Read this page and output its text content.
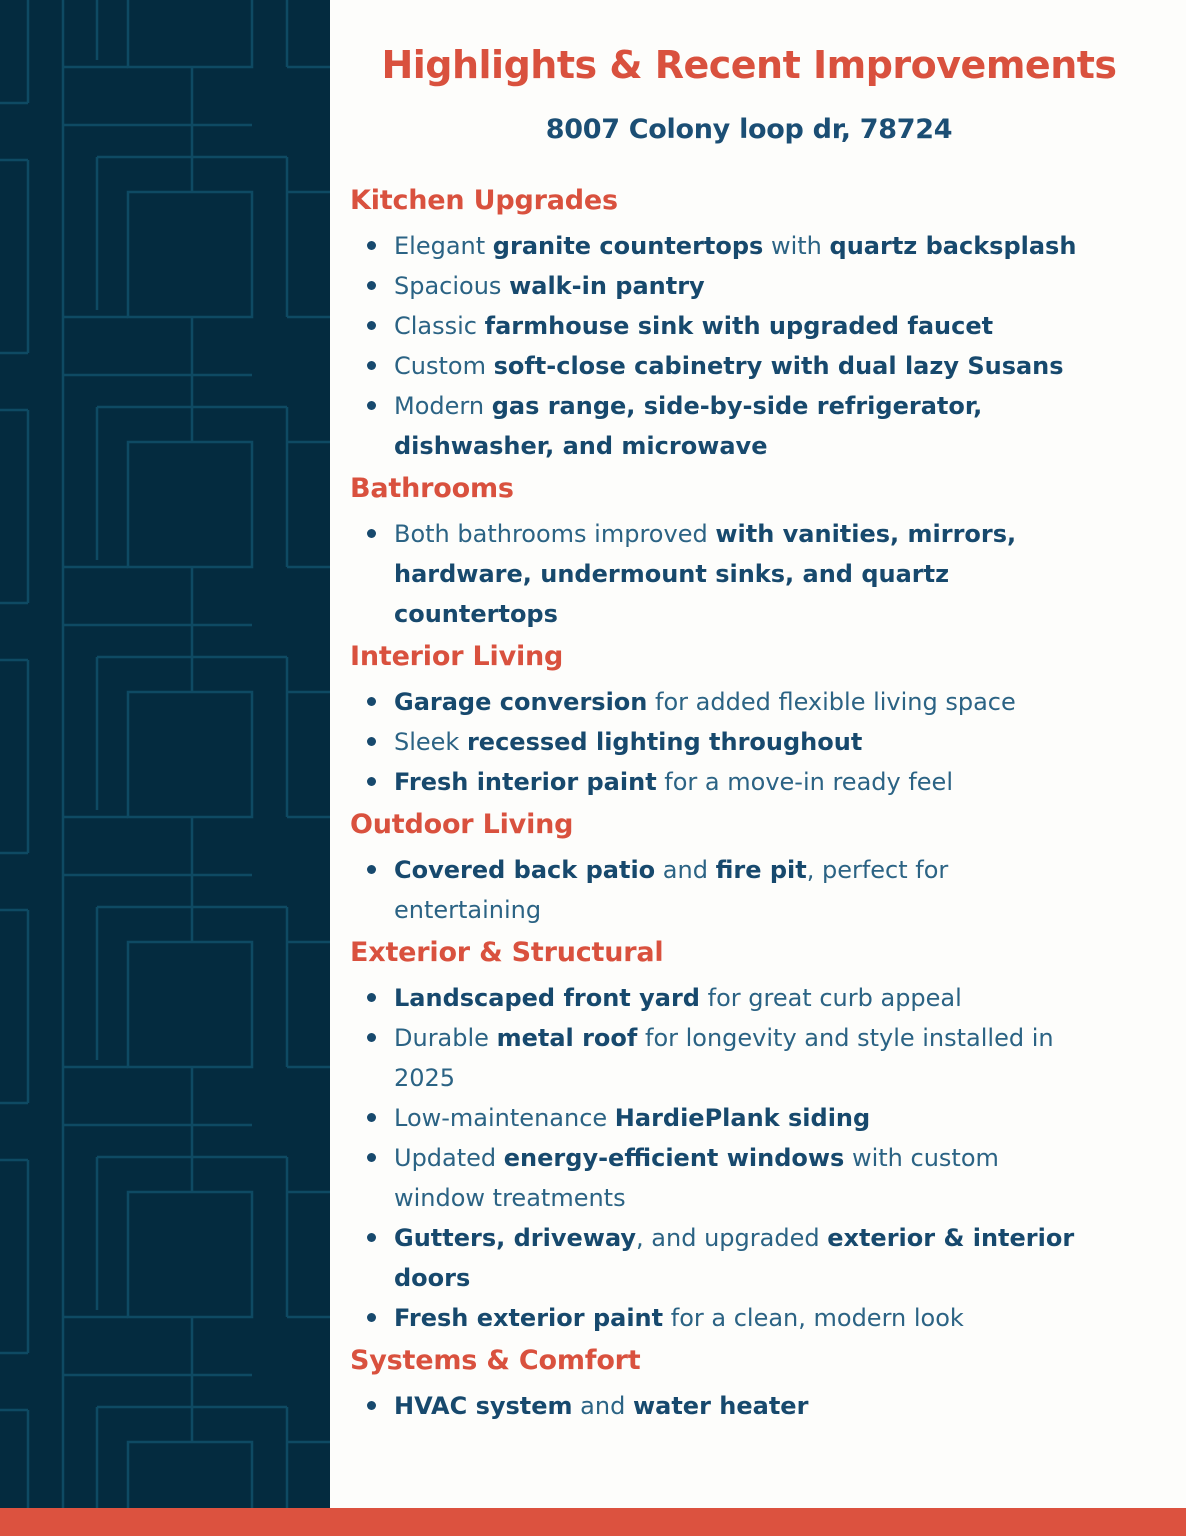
Highlights & Recent Improvements
8007 Colony loop dr, 78724
Kitchen Upgrades
Elegant granite countertops with quartz backsplash
Spacious walk-in pantry
Classic farmhouse sink with upgraded faucet
Custom soft-close cabinetry with dual lazy Susans
Modern gas range, side-by-side refrigerator,
dishwasher, and microwave
Bathrooms
Both bathrooms improved with vanities, mirrors,
hardware, undermount sinks, and quartz
countertops
Interior Living
Garage conversion for added flexible living space
Sleek recessed lighting throughout
Fresh interior paint for a move-in ready feel
Outdoor Living
Covered back patio and fire pit, perfect for
entertaining
Exterior & Structural
Landscaped front yard for great curb appeal
Durable metal roof for longevity and style installed in
2025
Low-maintenance HardiePlank siding
Updated energy-efficient windows with custom
window treatments
Gutters, driveway, and upgraded exterior & interior
doors
Fresh exterior paint for a clean, modern look
Systems & Comfort
HVAC system and water heater
